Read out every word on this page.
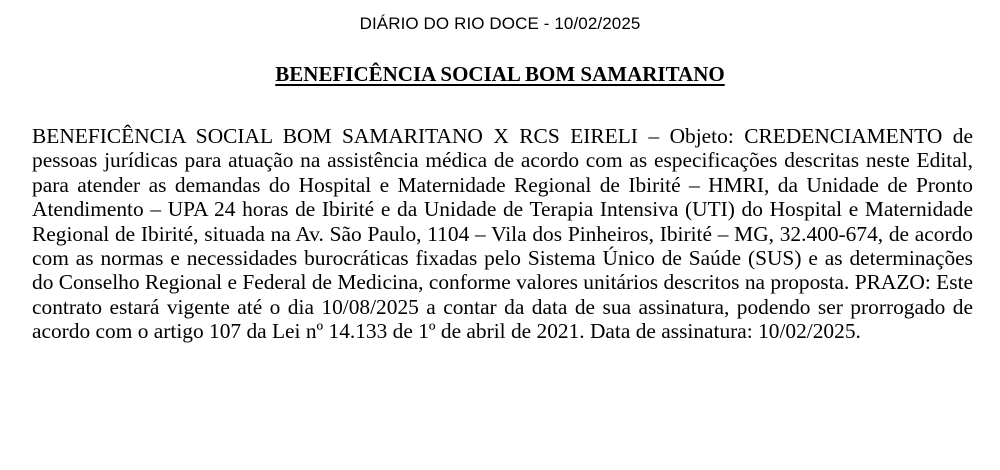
DIÁRIO DO RIO DOCE - 10/02/2025
BENEFICÊNCIA SOCIAL BOM SAMARITANO

BENEFICÊNCIA SOCIAL BOM SAMARITANO X RCS EIRELI – Objeto: CREDENCIAMENTO de pessoas jurídicas para atuação na assistência médica de acordo com as especificações descritas neste Edital, para atender as demandas do Hospital e Maternidade Regional de Ibirité – HMRI, da Unidade de Pronto Atendimento – UPA 24 horas de Ibirité e da Unidade de Terapia Intensiva (UTI) do Hospital e Maternidade Regional de Ibirité, situada na Av. São Paulo, 1104 – Vila dos Pinheiros, Ibirité – MG, 32.400-674, de acordo com as normas e necessidades burocráticas fixadas pelo Sistema Único de Saúde (SUS) e as determinações do Conselho Regional e Federal de Medicina, conforme valores unitários descritos na proposta. PRAZO: Este contrato estará vigente até o dia 10/08/2025 a contar da data de sua assinatura, podendo ser prorrogado de acordo com o artigo 107 da Lei nº 14.133 de 1º de abril de 2021. Data de assinatura: 10/02/2025.
